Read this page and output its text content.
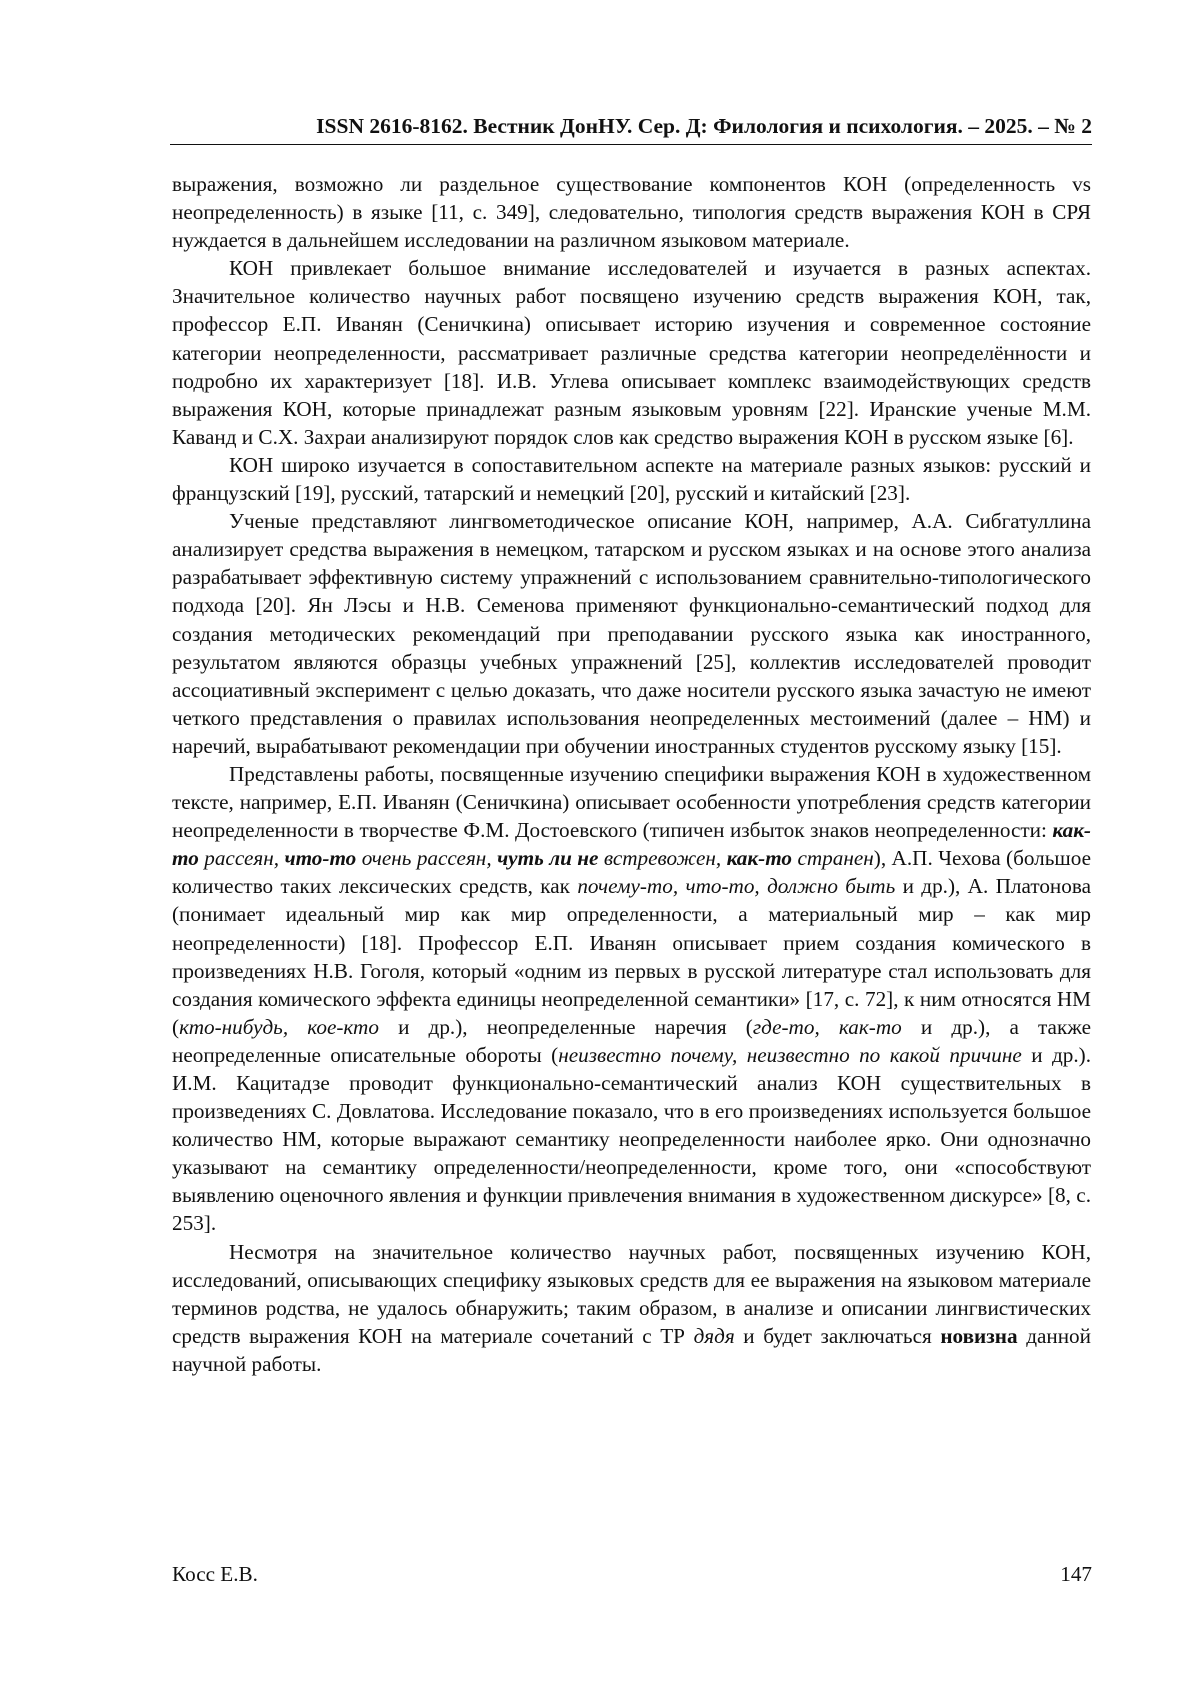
ISSN 2616-8162. Вестник ДонНУ. Сер. Д: Филология и психология. – 2025. – № 2

выражения, возможно ли раздельное существование компонентов КОН (определенность vs неопределенность) в языке [11, с. 349], следовательно, типология средств выражения КОН в СРЯ нуждается в дальнейшем исследовании на различном языковом материале.

КОН привлекает большое внимание исследователей и изучается в разных аспектах. Значительное количество научных работ посвящено изучению средств выражения КОН, так, профессор Е.П. Иванян (Сеничкина) описывает историю изучения и современное состояние категории неопределенности, рассматривает различные средства категории неопределённости и подробно их характеризует [18]. И.В. Углева описывает комплекс взаимодействующих средств выражения КОН, которые принадлежат разным языковым уровням [22]. Иранские ученые М.М. Каванд и С.Х. Захраи анализируют порядок слов как средство выражения КОН в русском языке [6].

КОН широко изучается в сопоставительном аспекте на материале разных языков: русский и французский [19], русский, татарский и немецкий [20], русский и китайский [23].

Ученые представляют лингвометодическое описание КОН, например, А.А. Сибгатуллина анализирует средства выражения в немецком, татарском и русском языках и на основе этого анализа разрабатывает эффективную систему упражнений с использованием сравнительно-типологического подхода [20]. Ян Лэсы и Н.В. Семенова применяют функционально-семантический подход для создания методических рекомендаций при преподавании русского языка как иностранного, результатом являются образцы учебных упражнений [25], коллектив исследователей проводит ассоциативный эксперимент с целью доказать, что даже носители русского языка зачастую не имеют четкого представления о правилах использования неопределенных местоимений (далее – НМ) и наречий, вырабатывают рекомендации при обучении иностранных студентов русскому языку [15].

Представлены работы, посвященные изучению специфики выражения КОН в художественном тексте, например, Е.П. Иванян (Сеничкина) описывает особенности употребления средств категории неопределенности в творчестве Ф.М. Достоевского (типичен избыток знаков неопределенности: как-то рассеян, что-то очень рассеян, чуть ли не встревожен, как-то странен), А.П. Чехова (большое количество таких лексических средств, как почему-то, что-то, должно быть и др.), А. Платонова (понимает идеальный мир как мир определенности, а материальный мир – как мир неопределенности) [18]. Профессор Е.П. Иванян описывает прием создания комического в произведениях Н.В. Гоголя, который «одним из первых в русской литературе стал использовать для создания комического эффекта единицы неопределенной семантики» [17, с. 72], к ним относятся НМ (кто-нибудь, кое-кто и др.), неопределенные наречия (где-то, как-то и др.), а также неопределенные описательные обороты (неизвестно почему, неизвестно по какой причине и др.). И.М. Кацитадзе проводит функционально-семантический анализ КОН существительных в произведениях С. Довлатова. Исследование показало, что в его произведениях используется большое количество НМ, которые выражают семантику неопределенности наиболее ярко. Они однозначно указывают на семантику определенности/неопределенности, кроме того, они «способствуют выявлению оценочного явления и функции привлечения внимания в художественном дискурсе» [8, с. 253].

Несмотря на значительное количество научных работ, посвященных изучению КОН, исследований, описывающих специфику языковых средств для ее выражения на языковом материале терминов родства, не удалось обнаружить; таким образом, в анализе и описании лингвистических средств выражения КОН на материале сочетаний с ТР дядя и будет заключаться новизна данной научной работы.

Косс Е.В.	147
